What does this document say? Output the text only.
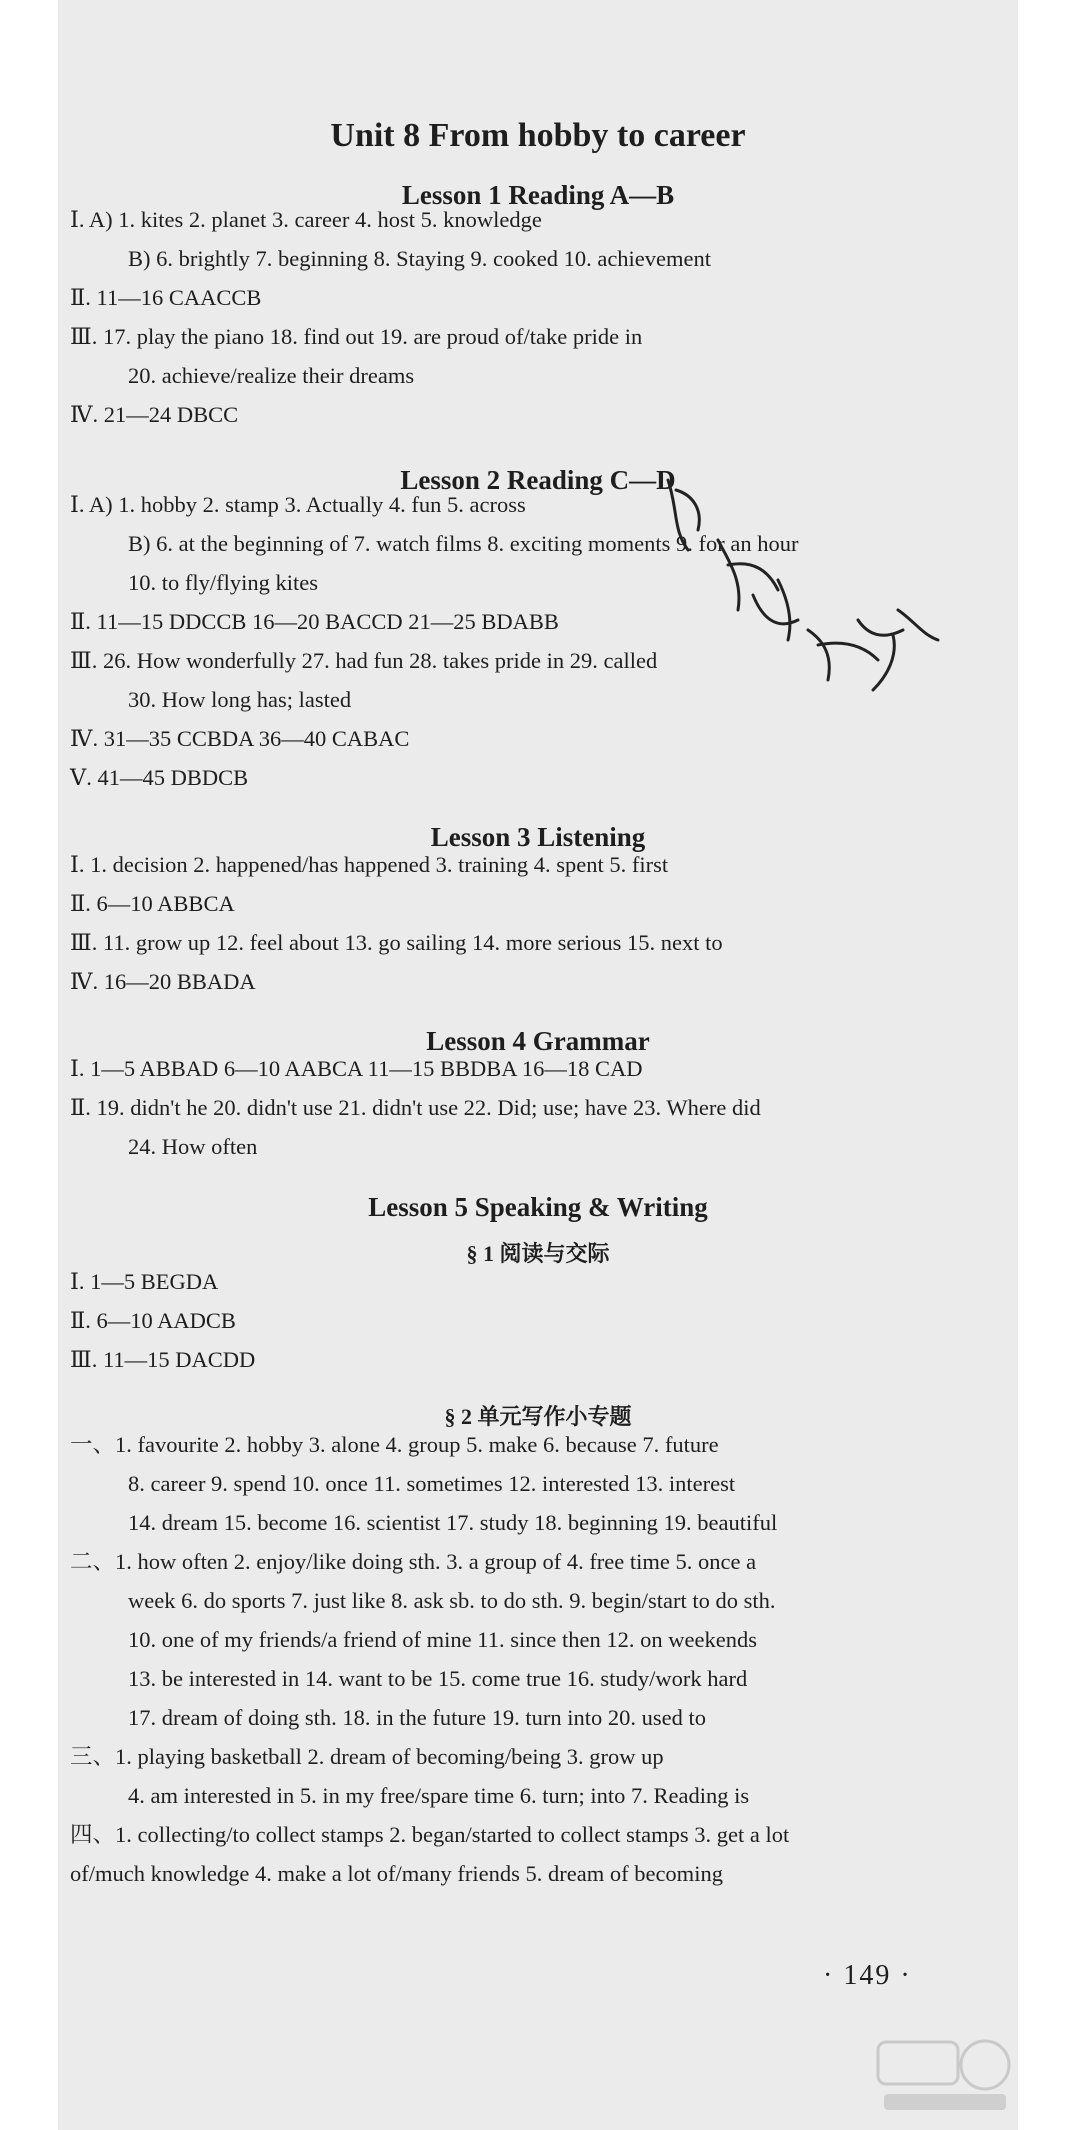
Unit 8 From hobby to career
Lesson 1 Reading A—B
Ⅰ. A) 1. kites 2. planet 3. career 4. host 5. knowledge
B) 6. brightly 7. beginning 8. Staying 9. cooked 10. achievement
Ⅱ. 11—16 CAACCB
Ⅲ. 17. play the piano 18. find out 19. are proud of/take pride in
20. achieve/realize their dreams
Ⅳ. 21—24 DBCC
Lesson 2 Reading C—D
Ⅰ. A) 1. hobby 2. stamp 3. Actually 4. fun 5. across
B) 6. at the beginning of 7. watch films 8. exciting moments 9. for an hour
10. to fly/flying kites
Ⅱ. 11—15 DDCCB 16—20 BACCD 21—25 BDABB
Ⅲ. 26. How wonderfully 27. had fun 28. takes pride in 29. called
30. How long has; lasted
Ⅳ. 31—35 CCBDA 36—40 CABAC
Ⅴ. 41—45 DBDCB
Lesson 3 Listening
Ⅰ. 1. decision 2. happened/has happened 3. training 4. spent 5. first
Ⅱ. 6—10 ABBCA
Ⅲ. 11. grow up 12. feel about 13. go sailing 14. more serious 15. next to
Ⅳ. 16—20 BBADA
Lesson 4 Grammar
Ⅰ. 1—5 ABBAD 6—10 AABCA 11—15 BBDBA 16—18 CAD
Ⅱ. 19. didn't he 20. didn't use 21. didn't use 22. Did; use; have 23. Where did
24. How often
Lesson 5 Speaking & Writing
§ 1 阅读与交际
Ⅰ. 1—5 BEGDA
Ⅱ. 6—10 AADCB
Ⅲ. 11—15 DACDD
§ 2 单元写作小专题
一、1. favourite 2. hobby 3. alone 4. group 5. make 6. because 7. future
8. career 9. spend 10. once 11. sometimes 12. interested 13. interest
14. dream 15. become 16. scientist 17. study 18. beginning 19. beautiful
二、1. how often 2. enjoy/like doing sth. 3. a group of 4. free time 5. once a
week 6. do sports 7. just like 8. ask sb. to do sth. 9. begin/start to do sth.
10. one of my friends/a friend of mine 11. since then 12. on weekends
13. be interested in 14. want to be 15. come true 16. study/work hard
17. dream of doing sth. 18. in the future 19. turn into 20. used to
三、1. playing basketball 2. dream of becoming/being 3. grow up
4. am interested in 5. in my free/spare time 6. turn; into 7. Reading is
四、1. collecting/to collect stamps 2. began/started to collect stamps 3. get a lot
of/much knowledge 4. make a lot of/many friends 5. dream of becoming
· 149 ·
